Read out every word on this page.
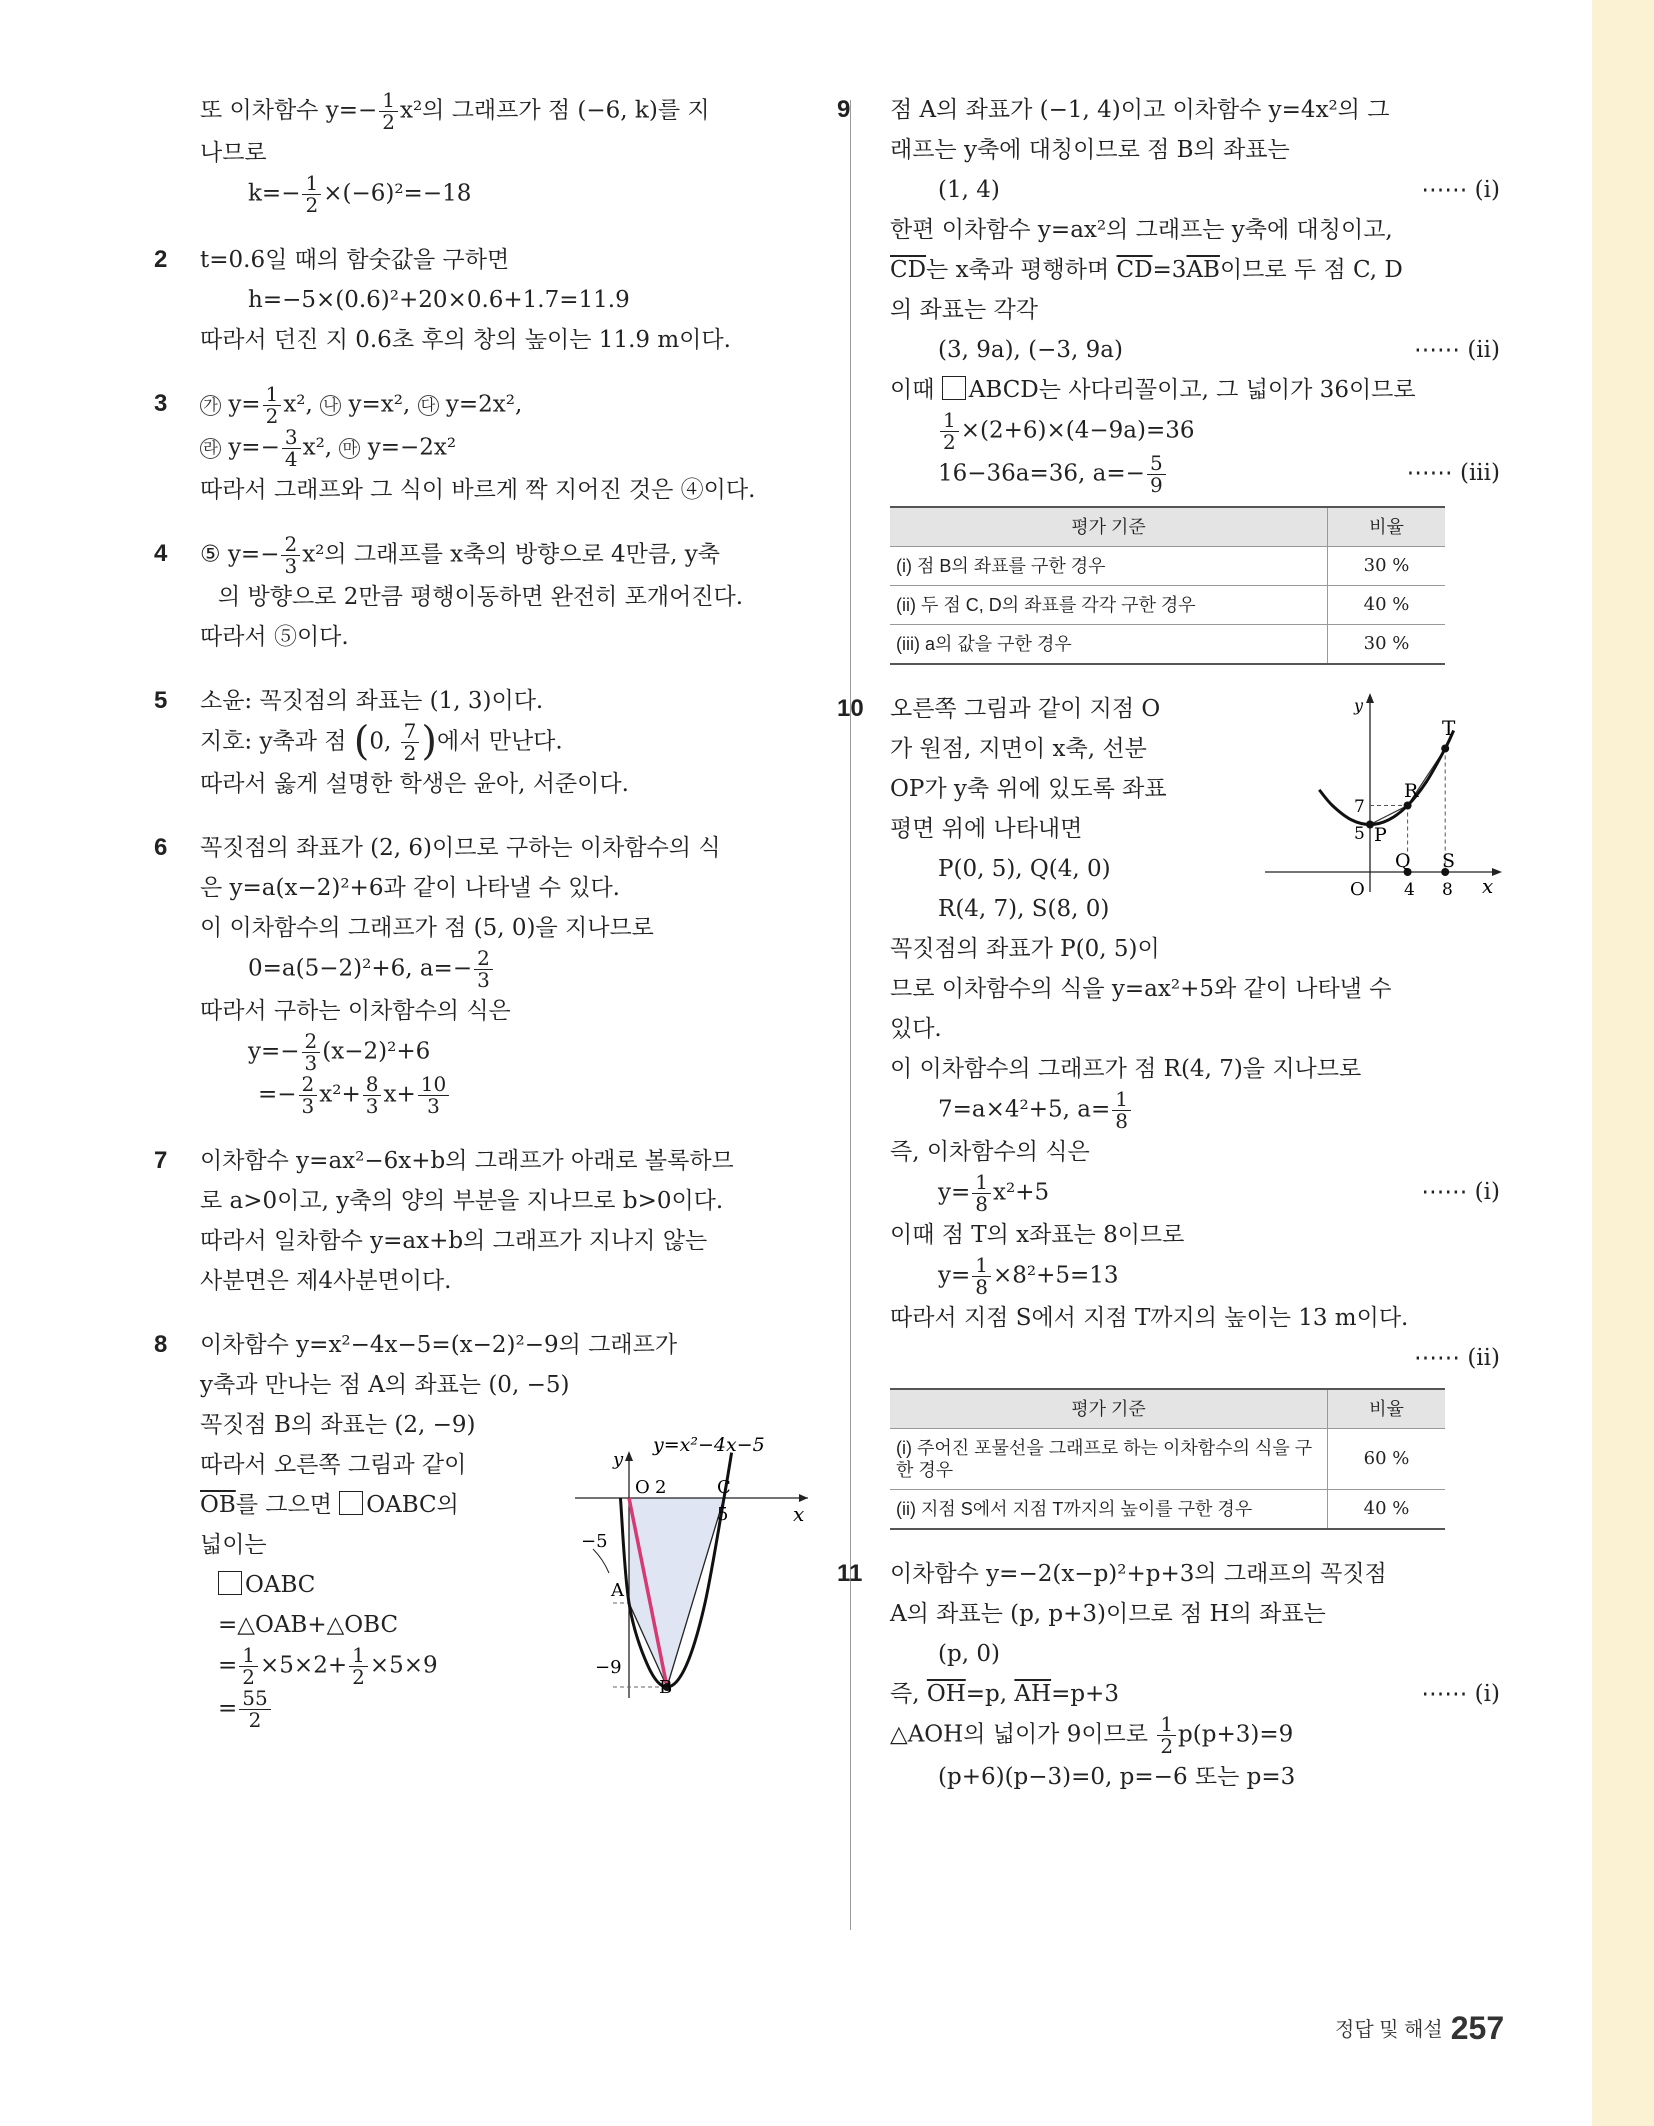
또 이차함수 $y=- \frac{1}{2} x^2$의 그래프가 점 (−6, k)를 지

나므로

$k=- \frac{1}{2} \times(-6)^2=-18$

2 t=0.6일 때의 함숫값을 구하면

h=−5×(0.6)²+20×0.6+1.7=11.9

따라서 던진 지 0.6초 후의 창의 높이는 11.9 m이다.

3 가 $y= \frac{1}{2} x^2$, 나 y=x², 다 y=2x²,

라 $y=- \frac{3}{4} x^2$, 마 y=−2x²

따라서 그래프와 그 식이 바르게 짝 지어진 것은 ④이다.

4 ⑤ $y=- \frac{2}{3} x^2$의 그래프를 x축의 방향으로 4만큼, y축

의 방향으로 2만큼 평행이동하면 완전히 포개어진다.

따라서 ⑤이다.

5 소윤: 꼭짓점의 좌표는 (1, 3)이다.

지호: y축과 점 (0, $\frac{7}{2}$ )에서 만난다.

따라서 옳게 설명한 학생은 윤아, 서준이다.

6 꼭짓점의 좌표가 (2, 6)이므로 구하는 이차함수의 식

은 y=a(x−2)²+6과 같이 나타낼 수 있다.

이 이차함수의 그래프가 점 (5, 0)을 지나므로

0=a(5−2)²+6, $a=- \frac{2}{3}$

따라서 구하는 이차함수의 식은

$y=- \frac{2}{3} (x-2)^2+6$

=− $\frac{2}{3} x^2+ \frac{8}{3} x+ \frac{10}{3}$

7 이차함수 y=ax²−6x+b의 그래프가 아래로 볼록하므

로 a>0이고, y축의 양의 부분을 지나므로 b>0이다.

따라서 일차함수 y=ax+b의 그래프가 지나지 않는

사분면은 제4사분면이다.

8 이차함수 y=x²−4x−5=(x−2)²−9의 그래프가

y축과 만나는 점 A의 좌표는 (0, −5)

꼭짓점 B의 좌표는 (2, −9)

따라서 오른쪽 그림과 같이

$\overline{OB}$를 그으면 OABC의

넓이는

OABC

=△OAB+△OBC

= $\frac{1}{2} \times 5\times 2+ \frac{1}{2} \times 5\times 9$

= $\frac{55}{2}$

y=x²−4x−5
y
x
O 2	C
5
−5
A
−9
B
9 점 A의 좌표가 (−1, 4)이고 이차함수 y=4x²의 그

래프는 y축에 대칭이므로 점 B의 좌표는

(1, 4)	⋯⋯ (i)

한편 이차함수 y=ax²의 그래프는 y축에 대칭이고,

$\overline{CD}$는 x축과 평행하며 $\overline{CD}=3\overline{AB}$이므로 두 점 C, D

의 좌표는 각각

(3, 9a), (−3, 9a)	⋯⋯ (ii)

이때 ABCD는 사다리꼴이고, 그 넓이가 36이므로

$\frac{1}{2} \times(2+6)\times(4-9a)=36$

16−36a=36, $a=- \frac{5}{9}$	⋯⋯ (iii)

평가 기준	비율
(i) 점 B의 좌표를 구한 경우	30 %
(ii) 두 점 C, D의 좌표를 각각 구한 경우	40 %
(iii) a의 값을 구한 경우	30 %
10 오른쪽 그림과 같이 지점 O

가 원점, 지면이 x축, 선분

OP가 y축 위에 있도록 좌표

평면 위에 나타내면

P(0, 5), Q(4, 0)

R(4, 7), S(8, 0)

꼭짓점의 좌표가 P(0, 5)이

y
x
T
R
7
5 P
Q S
O 4 8

므로 이차함수의 식을 y=ax²+5와 같이 나타낼 수

있다.

이 이차함수의 그래프가 점 R(4, 7)을 지나므로

7=a×4²+5, $a= \frac{1}{8}$

즉, 이차함수의 식은

$y= \frac{1}{8} x^2+5$	⋯⋯ (i)

이때 점 T의 x좌표는 8이므로

$y= \frac{1}{8} \times 8^2+5=13$

따라서 지점 S에서 지점 T까지의 높이는 13 m이다.

⋯⋯ (ii)

평가 기준	비율
(i) 주어진 포물선을 그래프로 하는 이차함수의 식을 구한 경우	60 %
(ii) 지점 S에서 지점 T까지의 높이를 구한 경우	40 %
11 이차함수 y=−2(x−p)²+p+3의 그래프의 꼭짓점

A의 좌표는 (p, p+3)이므로 점 H의 좌표는

(p, 0)

즉, $\overline{OH}=p$, $\overline{AH}=p+3$	⋯⋯ (i)

△AOH의 넓이가 9이므로 $\frac{1}{2} p(p+3)=9$

(p+6)(p−3)=0, p=−6 또는 p=3

정답 및 해설 257
